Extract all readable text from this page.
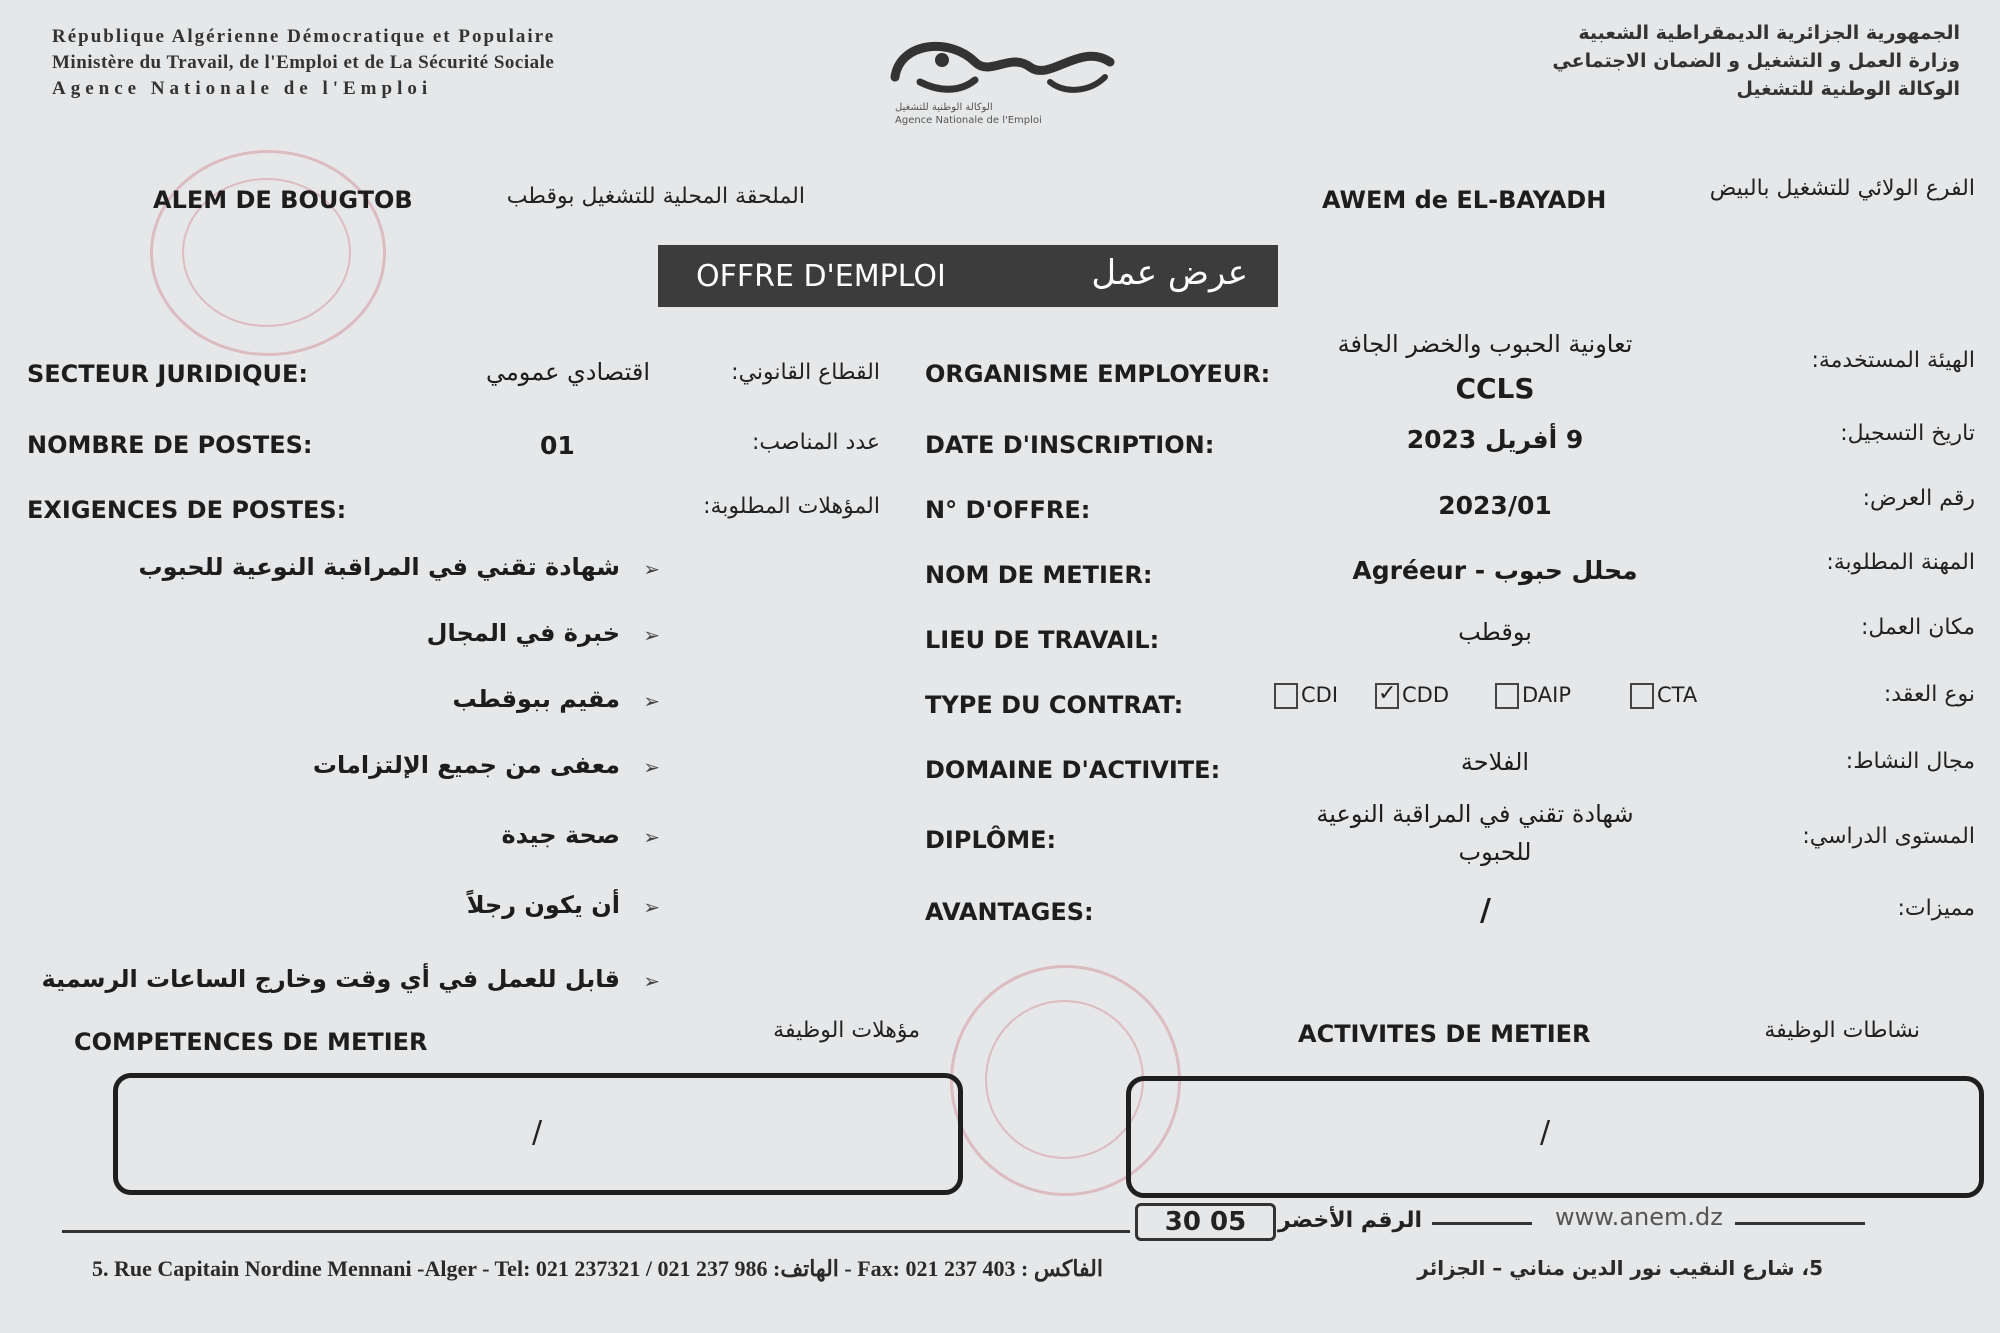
République Algérienne Démocratique et Populaire
Ministère du Travail, de l'Emploi et de La Sécurité Sociale
Agence Nationale de l'Emploi
الوكالة الوطنية للتشغيل
Agence Nationale de l'Emploi
الجمهورية الجزائرية الديمقراطية الشعبية
وزارة العمل و التشغيل و الضمان الاجتماعي
الوكالة الوطنية للتشغيل
ALEM DE BOUGTOB	الملحقة المحلية للتشغيل بوقطب	AWEM de EL-BAYADH	الفرع الولائي للتشغيل بالبيض
OFFRE D'EMPLOI	عرض عمل
SECTEUR JURIDIQUE:	اقتصادي عمومي	القطاع القانوني:
NOMBRE DE POSTES:	01	عدد المناصب:
EXIGENCES DE POSTES:	المؤهلات المطلوبة:
شهادة تقني في المراقبة النوعية للحبوب ➢
خبرة في المجال ➢
مقيم ببوقطب ➢
معفى من جميع الإلتزامات ➢
صحة جيدة ➢
أن يكون رجلاً ➢
قابل للعمل في أي وقت وخارج الساعات الرسمية ➢
ORGANISME EMPLOYEUR:
تعاونية الحبوب والخضر الجافة
CCLS
الهيئة المستخدمة:
DATE D'INSCRIPTION:	9 أفريل 2023	تاريخ التسجيل:
N° D'OFFRE:	2023/01	رقم العرض:
NOM DE METIER:	Agréeur - محلل حبوب	المهنة المطلوبة:
LIEU DE TRAVAIL:	بوقطب	مكان العمل:
TYPE DU CONTRAT:	CDI
✓	CDD	DAIP	CTA	نوع العقد:
DOMAINE D'ACTIVITE:	الفلاحة	مجال النشاط:
DIPLÔME:
شهادة تقني في المراقبة النوعية
للحبوب
المستوى الدراسي:
AVANTAGES:	/	مميزات:
COMPETENCES DE METIER	مؤهلات الوظيفة
/
ACTIVITES DE METIER	نشاطات الوظيفة
/
30 05	الرقم الأخضر	www.anem.dz
5. Rue Capitain Nordine Mennani -Alger - Tel: 021 237321 / 021 237 986 :الهاتف - Fax: 021 237 403 : الفاكس	5، شارع النقيب نور الدين مناني – الجزائر
